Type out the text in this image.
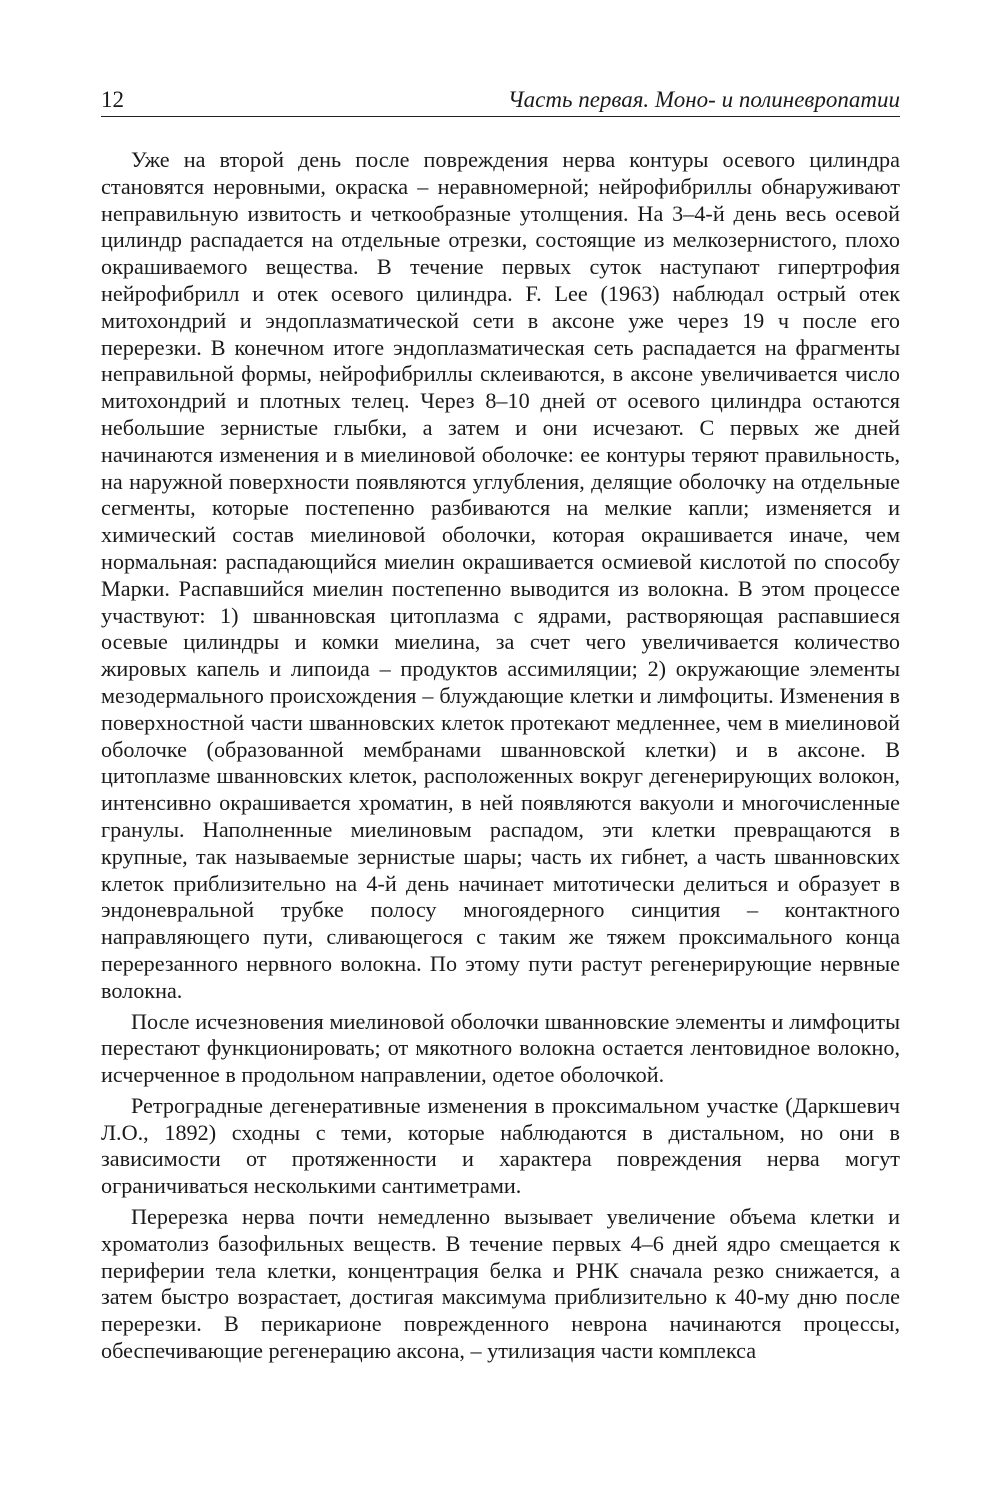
12	Часть первая. Моно- и полиневропатии

Уже на второй день после повреждения нерва контуры осевого цилиндра становятся неровными, окраска – неравномерной; нейрофибриллы обнаруживают неправильную извитость и четкообразные утолщения. На 3–4-й день весь осевой цилиндр распадается на отдельные отрезки, состоящие из мелкозернистого, плохо окрашиваемого вещества. В течение первых суток наступают гипертрофия нейрофибрилл и отек осевого цилиндра. F. Lee (1963) наблюдал острый отек митохондрий и эндоплазматической сети в аксоне уже через 19 ч после его перерезки. В конечном итоге эндоплазматическая сеть распадается на фрагменты неправильной формы, нейрофибриллы склеиваются, в аксоне увеличивается число митохондрий и плотных телец. Через 8–10 дней от осевого цилиндра остаются небольшие зернистые глыбки, а затем и они исчезают. С первых же дней начинаются изменения и в миелиновой оболочке: ее контуры теряют правильность, на наружной поверхности появляются углубления, делящие оболочку на отдельные сегменты, которые постепенно разбиваются на мелкие капли; изменяется и химический состав миелиновой оболочки, которая окрашивается иначе, чем нормальная: распадающийся миелин окрашивается осмиевой кислотой по способу Марки. Распавшийся миелин постепенно выводится из волокна. В этом процессе участвуют: 1) шванновская цитоплазма с ядрами, растворяющая распавшиеся осевые цилиндры и комки миелина, за счет чего увеличивается количество жировых капель и липоида – продуктов ассимиляции; 2) окружающие элементы мезодермального происхождения – блуждающие клетки и лимфоциты. Изменения в поверхностной части шванновских клеток протекают медленнее, чем в миелиновой оболочке (образованной мембранами шванновской клетки) и в аксоне. В цитоплазме шванновских клеток, расположенных вокруг дегенерирующих волокон, интенсивно окрашивается хроматин, в ней появляются вакуоли и многочисленные гранулы. Наполненные миелиновым распадом, эти клетки превращаются в крупные, так называемые зернистые шары; часть их гибнет, а часть шванновских клеток приблизительно на 4-й день начинает митотически делиться и образует в эндоневральной трубке полосу многоядерного синцития – контактного направляющего пути, сливающегося с таким же тяжем проксимального конца перерезанного нервного волокна. По этому пути растут регенерирующие нервные волокна.

После исчезновения миелиновой оболочки шванновские элементы и лимфоциты перестают функционировать; от мякотного волокна остается лентовидное волокно, исчерченное в продольном направлении, одетое оболочкой.

Ретроградные дегенеративные изменения в проксимальном участке (Даркшевич Л.О., 1892) сходны с теми, которые наблюдаются в дистальном, но они в зависимости от протяженности и характера повреждения нерва могут ограничиваться несколькими сантиметрами.

Перерезка нерва почти немедленно вызывает увеличение объема клетки и хроматолиз базофильных веществ. В течение первых 4–6 дней ядро смещается к периферии тела клетки, концентрация белка и РНК сначала резко снижается, а затем быстро возрастает, достигая максимума приблизительно к 40-му дню после перерезки. В перикарионе поврежденного неврона начинаются процессы, обеспечивающие регенерацию аксона, – утилизация части комплекса
